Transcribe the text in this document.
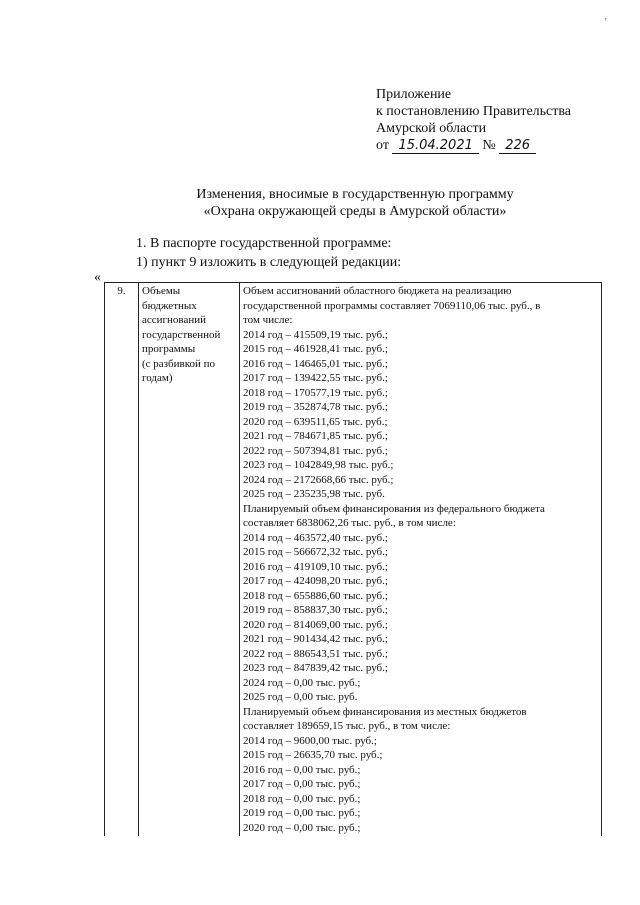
’
Приложение
к постановлению Правительства
Амурской области
от 15.04.2021 № 226
Изменения, вносимые в государственную программу
«Охрана окружающей среды в Амурской области»
1. В паспорте государственной программе:
1) пункт 9 изложить в следующей редакции:
«
9.	Объемы
бюджетных
ассигнований
государственной
программы
(с разбивкой по
годам)

Объем ассигнований областного бюджета на реализацию
государственной программы составляет 7069110,06 тыс. руб., в
том числе:
2014 год – 415509,19 тыс. руб.;
2015 год – 461928,41 тыс. руб.;
2016 год – 146465,01 тыс. руб.;
2017 год – 139422,55 тыс. руб.;
2018 год – 170577,19 тыс. руб.;
2019 год – 352874,78 тыс. руб.;
2020 год – 639511,65 тыс. руб.;
2021 год – 784671,85 тыс. руб.;
2022 год – 507394,81 тыс. руб.;
2023 год – 1042849,98 тыс. руб.;
2024 год – 2172668,66 тыс. руб.;
2025 год – 235235,98 тыс. руб.
Планируемый объем финансирования из федерального бюджета
составляет 6838062,26 тыс. руб., в том числе:
2014 год – 463572,40 тыс. руб.;
2015 год – 566672,32 тыс. руб.;
2016 год – 419109,10 тыс. руб.;
2017 год – 424098,20 тыс. руб.;
2018 год – 655886,60 тыс. руб.;
2019 год – 858837,30 тыс. руб.;
2020 год – 814069,00 тыс. руб.;
2021 год – 901434,42 тыс. руб.;
2022 год – 886543,51 тыс. руб.;
2023 год – 847839,42 тыс. руб.;
2024 год – 0,00 тыс. руб.;
2025 год – 0,00 тыс. руб.
Планируемый объем финансирования из местных бюджетов
составляет 189659,15 тыс. руб., в том числе:
2014 год – 9600,00 тыс. руб.;
2015 год – 26635,70 тыс. руб.;
2016 год – 0,00 тыс. руб.;
2017 год – 0,00 тыс. руб.;
2018 год – 0,00 тыс. руб.;
2019 год – 0,00 тыс. руб.;
2020 год – 0,00 тыс. руб.;
